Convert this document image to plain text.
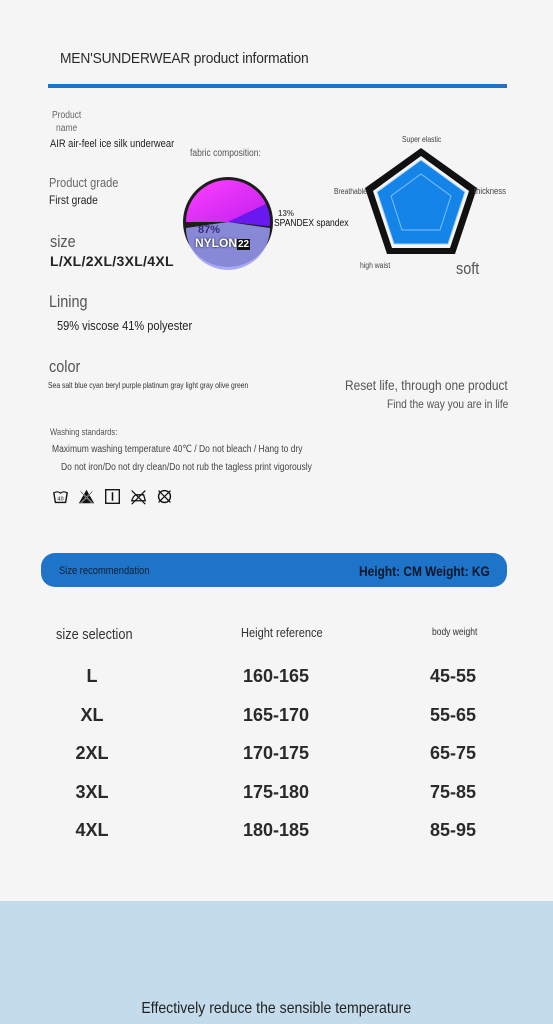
MEN'SUNDERWEAR product information
Product
name
AIR air-feel ice silk underwear
Product grade
First grade
size
L/XL/2XL/3XL/4XL
Lining
59% viscose 41% polyester
color
Sea salt blue cyan beryl purple platinum gray light gray olive green
fabric composition:
87%
NYLON22
13%
SPANDEX spandex
Super elastic
thickness
soft
high waist
Breathable
Reset life, through one product
Find the way you are in life
Washing standards:
Maximum washing temperature 40℃ / Do not bleach / Hang to dry
Do not iron/Do not dry clean/Do not rub the tagless print vigorously
40
Size recommendation	Height: CM Weight: KG
size selection	Height reference	body weight
L	160-165	45-55
XL	165-170	55-65
2XL	170-175	65-75
3XL	175-180	75-85
4XL	180-185	85-95
Effectively reduce the sensible temperature
